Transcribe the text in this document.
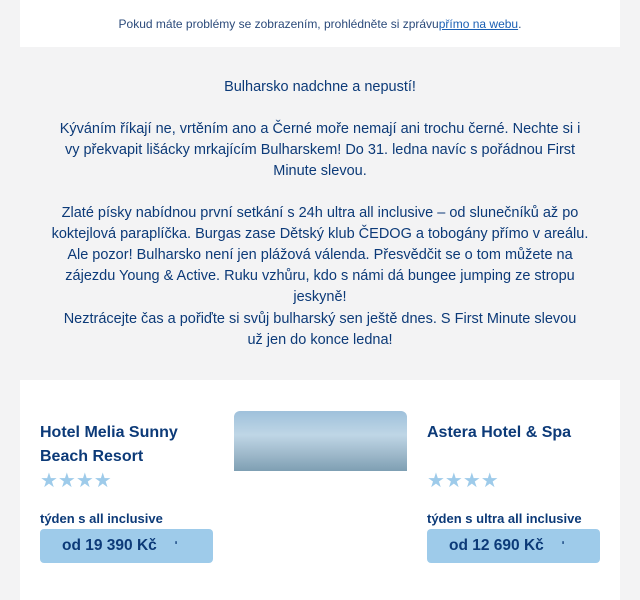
Pokud máte problémy se zobrazením, prohlédněte si zprávu přímo na webu .

Bulharsko nadchne a nepustí!

Kýváním říkají ne, vrtěním ano a Černé moře nemají ani trochu černé. Nechte si i vy překvapit lišácky mrkajícím Bulharskem! Do 31. ledna navíc s pořádnou First Minute slevou.

Zlaté písky nabídnou první setkání s 24h ultra all inclusive – od slunečníků až po koktejlová paraplíčka. Burgas zase Dětský klub ČEDOG a tobogány přímo v areálu. Ale pozor! Bulharsko není jen plážová válenda. Přesvědčit se o tom můžete na zájezdu Young & Active. Ruku vzhůru, kdo s námi dá bungee jumping ze stropu jeskyně!

Neztrácejte čas a pořiďte si svůj bulharský sen ještě dnes. S First Minute slevou už jen do konce ledna!

Hotel Melia Sunny Beach Resort
★★★★
týden s all inclusive
od 19 390 Kč ʹ
Astera Hotel & Spa
★★★★
týden s ultra all inclusive
od 12 690 Kč ʹ
